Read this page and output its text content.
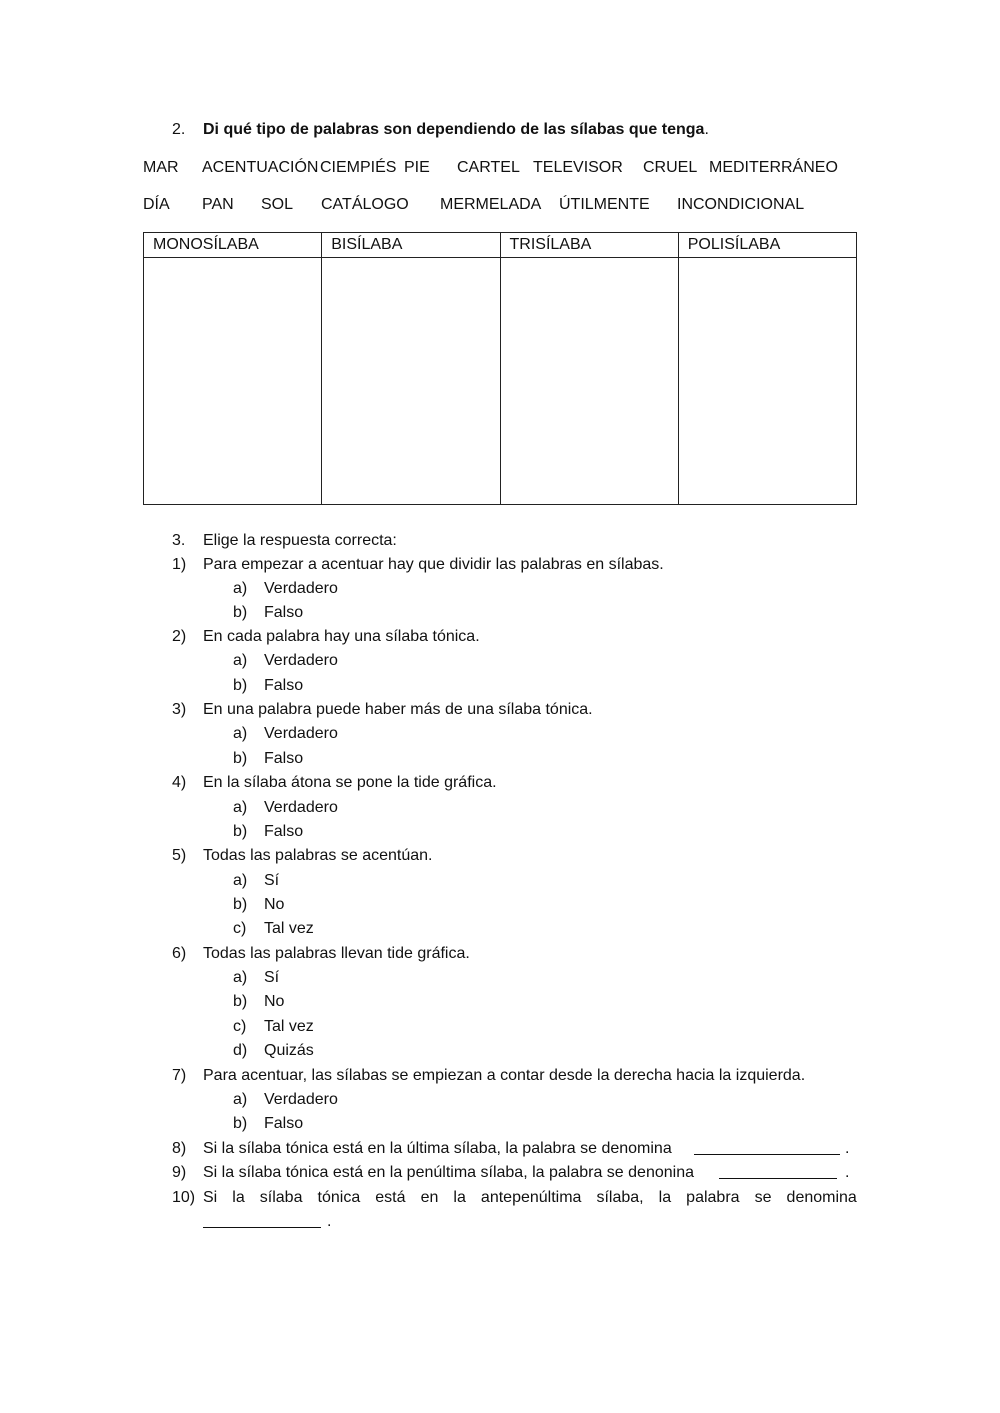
2. Di qué tipo de palabras son dependiendo de las sílabas que tenga.
MAR ACENTUACIÓN CIEMPIÉS PIE CARTEL TELEVISOR CRUEL MEDITERRÁNEO
DÍA PAN SOL CATÁLOGO MERMELADA ÚTILMENTE INCONDICIONAL
MONOSÍLABA	BISÍLABA	TRISÍLABA	POLISÍLABA

3. Elige la respuesta correcta:
1) Para empezar a acentuar hay que dividir las palabras en sílabas.
a) Verdadero
b) Falso
2) En cada palabra hay una sílaba tónica.
a) Verdadero
b) Falso
3) En una palabra puede haber más de una sílaba tónica.
a) Verdadero
b) Falso
4) En la sílaba átona se pone la tide gráfica.
a) Verdadero
b) Falso
5) Todas las palabras se acentúan.
a) Sí
b) No
c) Tal vez
6) Todas las palabras llevan tide gráfica.
a) Sí
b) No
c) Tal vez
d) Quizás
7) Para acentuar, las sílabas se empiezan a contar desde la derecha hacia la izquierda.
a) Verdadero
b) Falso
8) Si la sílaba tónica está en la última sílaba, la palabra se denomina	.
9) Si la sílaba tónica está en la penúltima sílaba, la palabra se denonina	.
10) Si la sílaba tónica está en la antepenúltima sílaba, la palabra se denomina
.
